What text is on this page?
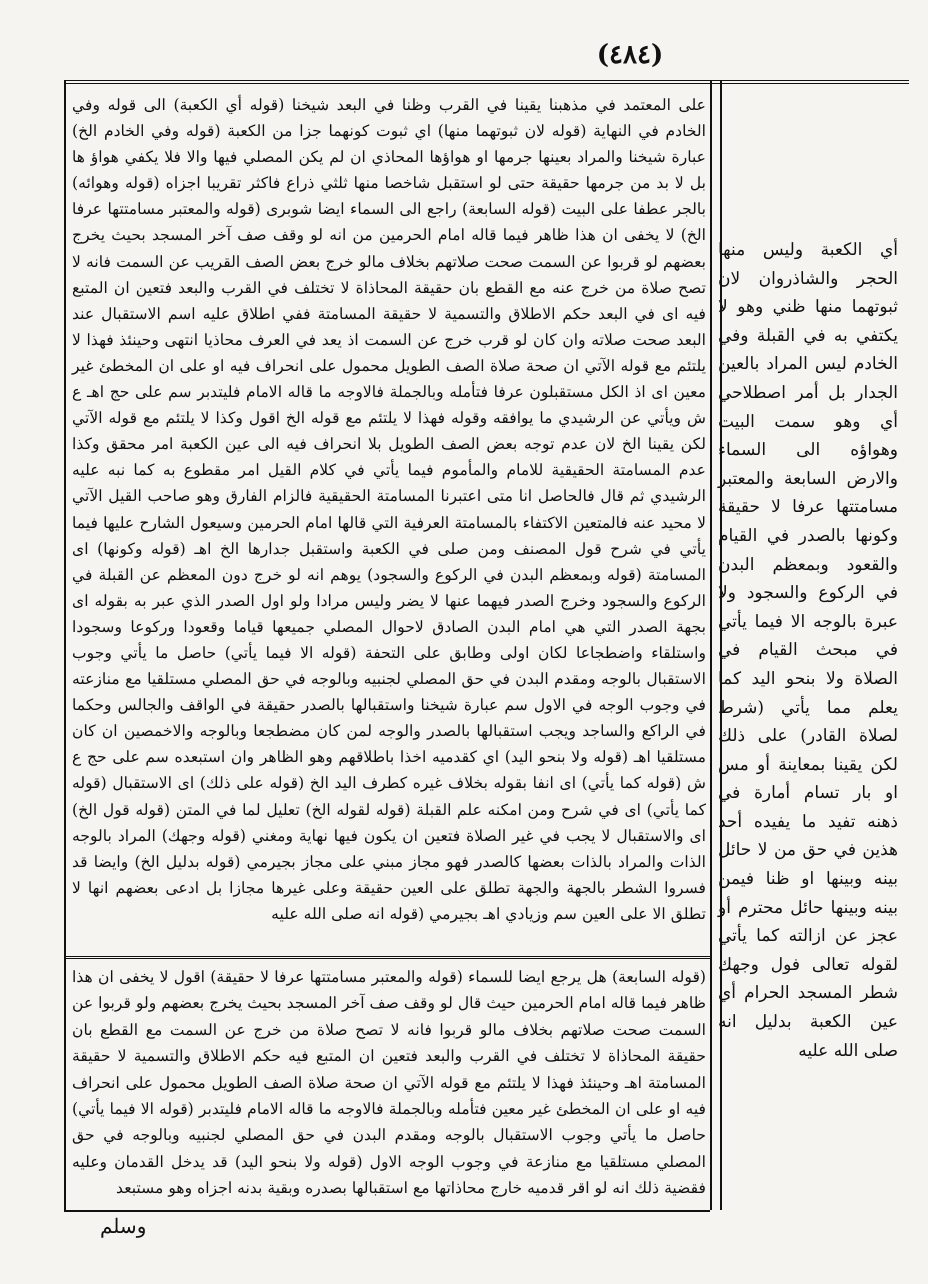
(٤٨٤)

على المعتمد في مذهبنا يقينا في القرب وظنا في البعد شيخنا (قوله أي الكعبة) الى قوله وفي الخادم في النهاية (قوله لان ثبوتهما منها) اي ثبوت كونهما جزا من الكعبة (قوله وفي الخادم الخ) عبارة شيخنا والمراد بعينها جرمها او هواؤها المحاذي ان لم يكن المصلي فيها والا فلا يكفي هواؤ ها بل لا بد من جرمها حقيقة حتى لو استقبل شاخصا منها ثلثي ذراع فاكثر تقريبا اجزاه (قوله وهوائه) بالجر عطفا على البيت (قوله السابعة) راجع الى السماء ايضا شوبرى (قوله والمعتبر مسامتتها عرفا الخ) لا يخفى ان هذا ظاهر فيما قاله امام الحرمين من انه لو وقف صف آخر المسجد بحيث يخرج بعضهم لو قربوا عن السمت صحت صلاتهم بخلاف مالو خرج بعض الصف القريب عن السمت فانه لا تصح صلاة من خرج عنه مع القطع بان حقيقة المحاذاة لا تختلف في القرب والبعد فتعين ان المتبع فيه اى في البعد حكم الاطلاق والتسمية لا حقيقة المسامتة ففي اطلاق عليه اسم الاستقبال عند البعد صحت صلاته وان كان لو قرب خرج عن السمت اذ يعد في العرف محاذيا انتهى وحينئذ فهذا لا يلتئم مع قوله الآتي ان صحة صلاة الصف الطويل محمول على انحراف فيه او على ان المخطئ غير معين اى اذ الكل مستقبلون عرفا فتأمله وبالجملة فالاوجه ما قاله الامام فليتدبر سم على حج اهـ ع ش ويأتي عن الرشيدي ما يوافقه وقوله فهذا لا يلتئم مع قوله الخ اقول وكذا لا يلتئم مع قوله الآتي لكن يقينا الخ لان عدم توجه بعض الصف الطويل بلا انحراف فيه الى عين الكعبة امر محقق وكذا عدم المسامتة الحقيقية للامام والمأموم فيما يأتي في كلام القيل امر مقطوع به كما نبه عليه الرشيدي ثم قال فالحاصل انا متى اعتبرنا المسامتة الحقيقية فالزام الفارق وهو صاحب القيل الآتي لا محيد عنه فالمتعين الاكتفاء بالمسامتة العرفية التي قالها امام الحرمين وسيعول الشارح عليها فيما يأتي في شرح قول المصنف ومن صلى في الكعبة واستقبل جدارها الخ اهـ (قوله وكونها) اى المسامتة (قوله وبمعظم البدن في الركوع والسجود) يوهم انه لو خرج دون المعظم عن القبلة في الركوع والسجود وخرج الصدر فيهما عنها لا يضر وليس مرادا ولو اول الصدر الذي عبر به بقوله اى بجهة الصدر التي هي امام البدن الصادق لاحوال المصلي جميعها قياما وقعودا وركوعا وسجودا واستلقاء واضطجاعا لكان اولى وطابق على التحفة (قوله الا فيما يأتي) حاصل ما يأتي وجوب الاستقبال بالوجه ومقدم البدن في حق المصلي لجنبيه وبالوجه في حق المصلي مستلقيا مع منازعته في وجوب الوجه في الاول سم عبارة شيخنا واستقبالها بالصدر حقيقة في الواقف والجالس وحكما في الراكع والساجد ويجب استقبالها بالصدر والوجه لمن كان مضطجعا وبالوجه والاخمصين ان كان مستلقيا اهـ (قوله ولا بنحو اليد) اي كقدميه اخذا باطلاقهم وهو الظاهر وان استبعده سم على حج ع ش (قوله كما يأتي) اى انفا بقوله بخلاف غيره كطرف اليد الخ (قوله على ذلك) اى الاستقبال (قوله كما يأتي) اى في شرح ومن امكنه علم القبلة (قوله لقوله الخ) تعليل لما في المتن (قوله قول الخ) اى والاستقبال لا يجب في غير الصلاة فتعين ان يكون فيها نهاية ومغني (قوله وجهك) المراد بالوجه الذات والمراد بالذات بعضها كالصدر فهو مجاز مبني على مجاز بجيرمي (قوله بدليل الخ) وايضا قد فسروا الشطر بالجهة والجهة تطلق على العين حقيقة وعلى غيرها مجازا بل ادعى بعضهم انها لا تطلق الا على العين سم وزيادي اهـ بجيرمي (قوله انه صلى الله عليه

(قوله السابعة) هل يرجع ايضا للسماء (قوله والمعتبر مسامتتها عرفا لا حقيقة) اقول لا يخفى ان هذا ظاهر فيما قاله امام الحرمين حيث قال لو وقف صف آخر المسجد بحيث يخرج بعضهم ولو قربوا عن السمت صحت صلاتهم بخلاف مالو قربوا فانه لا تصح صلاة من خرج عن السمت مع القطع بان حقيقة المحاذاة لا تختلف في القرب والبعد فتعين ان المتبع فيه حكم الاطلاق والتسمية لا حقيقة المسامتة اهـ وحينئذ فهذا لا يلتئم مع قوله الآتي ان صحة صلاة الصف الطويل محمول على انحراف فيه او على ان المخطئ غير معين فتأمله وبالجملة فالاوجه ما قاله الامام فليتدبر (قوله الا فيما يأتي) حاصل ما يأتي وجوب الاستقبال بالوجه ومقدم البدن في حق المصلي لجنبيه وبالوجه في حق المصلي مستلقيا مع منازعة في وجوب الوجه الاول (قوله ولا بنحو اليد) قد يدخل القدمان وعليه فقضية ذلك انه لو اقر قدميه خارج محاذاتها مع استقبالها بصدره وبقية بدنه اجزاه وهو مستبعد

أي الكعبة وليس منها الحجر والشاذروان لان ثبوتهما منها ظني وهو لا يكتفي به في القبلة وفي الخادم ليس المراد بالعين الجدار بل أمر اصطلاحي أي وهو سمت البيت وهواؤه الى السماء والارض السابعة والمعتبر مسامتتها عرفا لا حقيقة وكونها بالصدر في القيام والقعود وبمعظم البدن في الركوع والسجود ولا عبرة بالوجه الا فيما يأتي في مبحث القيام في الصلاة ولا بنحو اليد كما يعلم مما يأتي (شرط لصلاة القادر) على ذلك لكن يقينا بمعاينة أو مس او بار تسام أمارة في ذهنه تفيد ما يفيده أحد هذين في حق من لا حائل بينه وبينها او ظنا فيمن بينه وبينها حائل محترم أو عجز عن ازالته كما يأتي لقوله تعالى فول وجهك شطر المسجد الحرام أي عين الكعبة بدليل انه صلى الله عليه

وسلم
